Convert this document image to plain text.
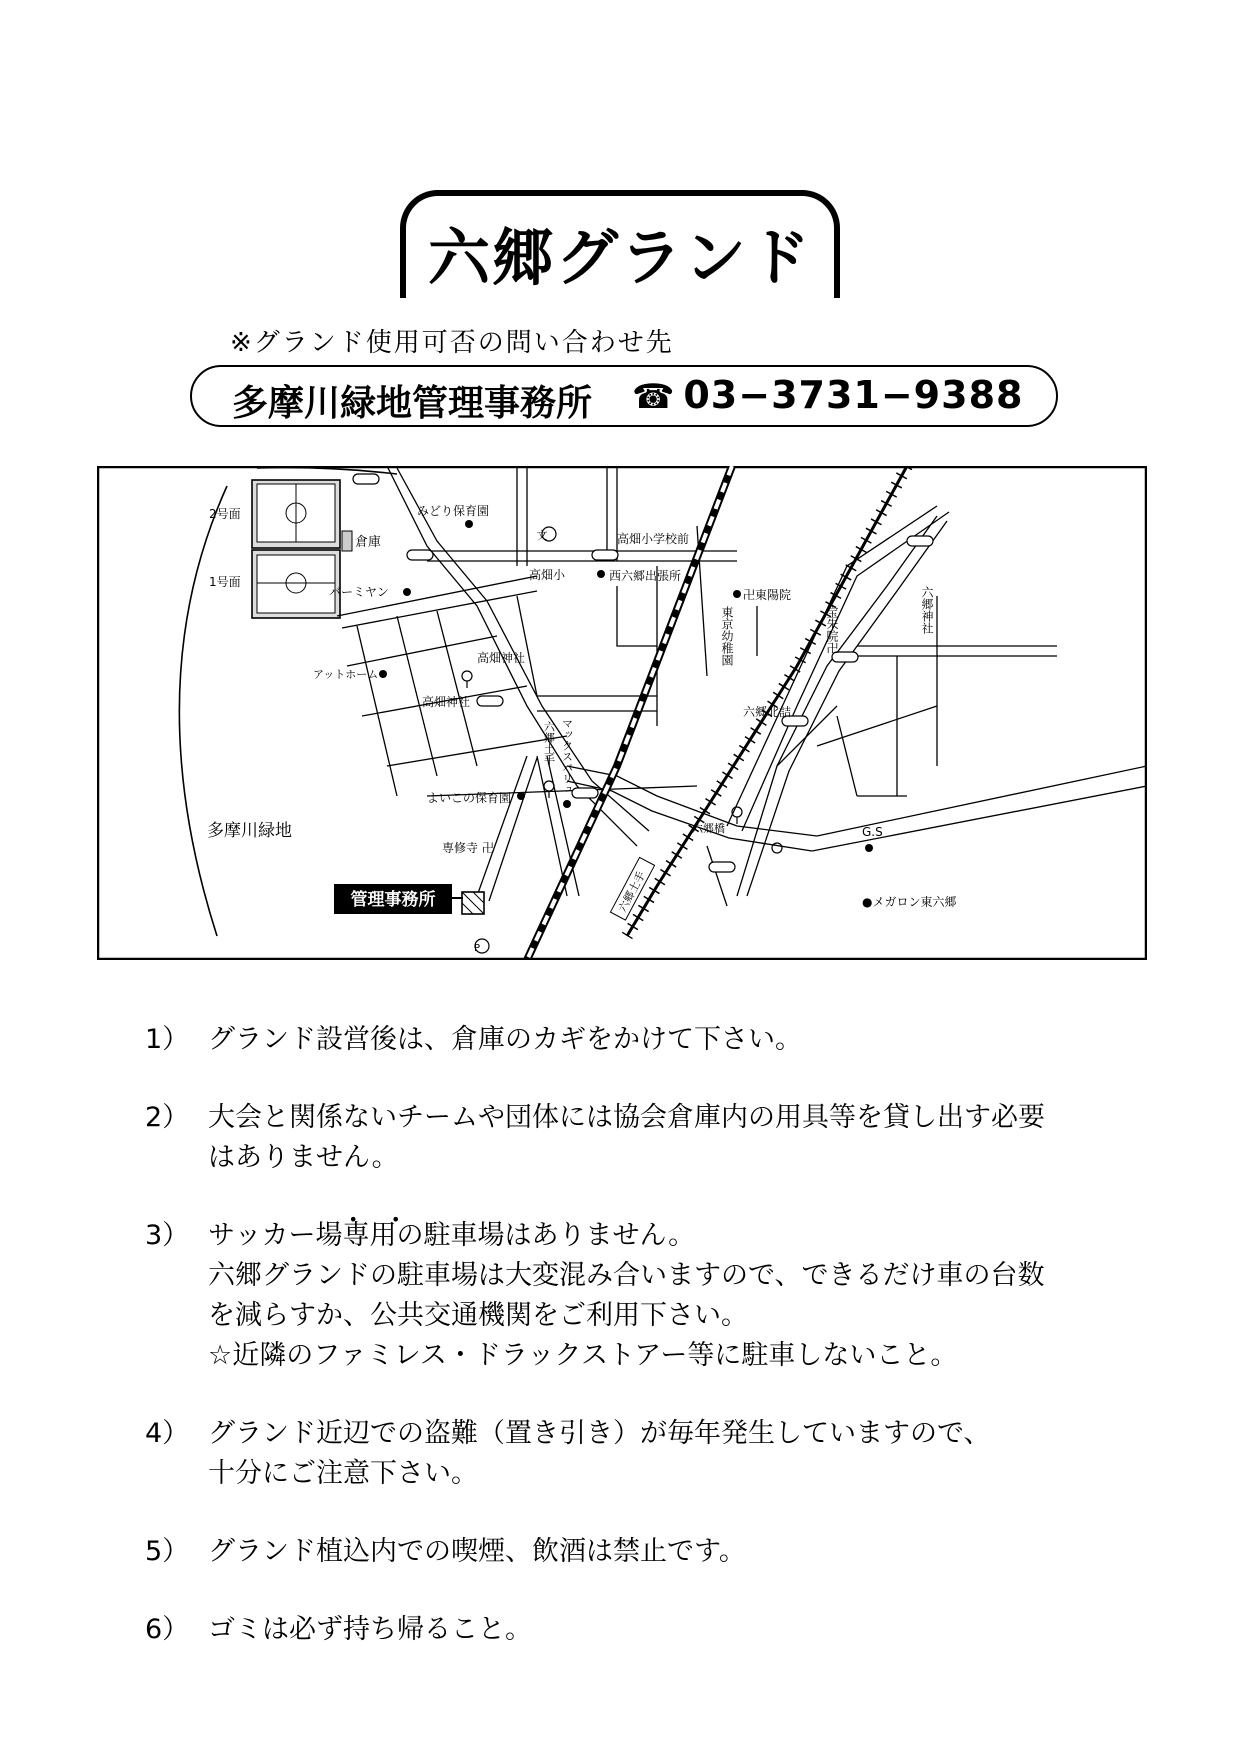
六郷グランド
※グランド使用可否の問い合わせ先
多摩川緑地管理事務所 ☎ 03−3731−9388
2号面
1号面
倉庫
みどり保育園
文	高畑小学校前
高畑小	西六郷出張所
バーミヤン	卍東陽院
アットホーム
高畑神社
高畑神社
六郷北詰
多摩川緑地
よいこの保育園
六郷橋	G.S
専修寺 卍
●メガロン東六郷
P
東京幼稚園	宝朱院卍	六郷神社
六郷土手 マックスバリュ
六郷土手
管理事務所
1） グランド設営後は、倉庫のカギをかけて下さい。
2） 大会と関係ないチームや団体には協会倉庫内の用具等を貸し出す必要
はありません。
3） サッカー場• • 専用の駐車場はありません。
六郷グランドの駐車場は大変混み合いますので、できるだけ車の台数
を減らすか、公共交通機関をご利用下さい。
☆近隣のファミレス・ドラックストアー等に駐車しないこと。
4） グランド近辺での盗難（置き引き）が毎年発生していますので、
十分にご注意下さい。
5） グランド植込内での喫煙、飲酒は禁止です。
6） ゴミは必ず持ち帰ること。
